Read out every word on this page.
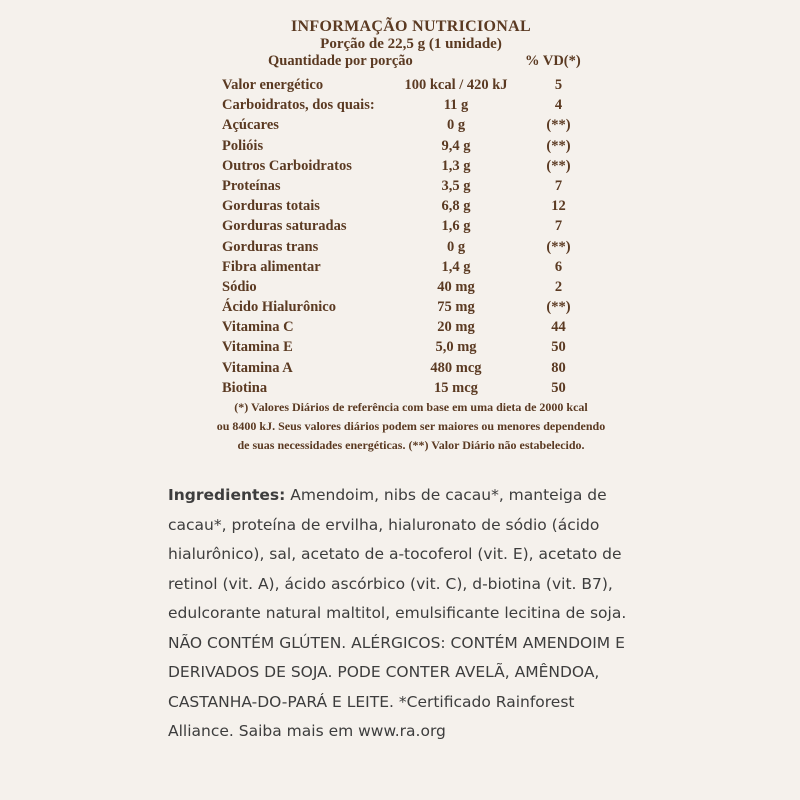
INFORMAÇÃO NUTRICIONAL
Porção de 22,5 g (1 unidade)
Quantidade por porção	% VD(*)
Valor energético	100 kcal / 420 kJ	5
Carboidratos, dos quais:	11 g	4
Açúcares	0 g	(**)
Polióis	9,4 g	(**)
Outros Carboidratos	1,3 g	(**)
Proteínas	3,5 g	7
Gorduras totais	6,8 g	12
Gorduras saturadas	1,6 g	7
Gorduras trans	0 g	(**)
Fibra alimentar	1,4 g	6
Sódio	40 mg	2
Ácido Hialurônico	75 mg	(**)
Vitamina C	20 mg	44
Vitamina E	5,0 mg	50
Vitamina A	480 mcg	80
Biotina	15 mcg	50
(*) Valores Diários de referência com base em uma dieta de 2000 kcal
ou 8400 kJ. Seus valores diários podem ser maiores ou menores dependendo
de suas necessidades energéticas. (**) Valor Diário não estabelecido.
Ingredientes: Amendoim, nibs de cacau*, manteiga de
cacau*, proteína de ervilha, hialuronato de sódio (ácido
hialurônico), sal, acetato de a-tocoferol (vit. E), acetato de
retinol (vit. A), ácido ascórbico (vit. C), d-biotina (vit. B7),
edulcorante natural maltitol, emulsificante lecitina de soja.
NÃO CONTÉM GLÚTEN. ALÉRGICOS: CONTÉM AMENDOIM E
DERIVADOS DE SOJA. PODE CONTER AVELÃ, AMÊNDOA,
CASTANHA-DO-PARÁ E LEITE. *Certificado Rainforest
Alliance. Saiba mais em www.ra.org
